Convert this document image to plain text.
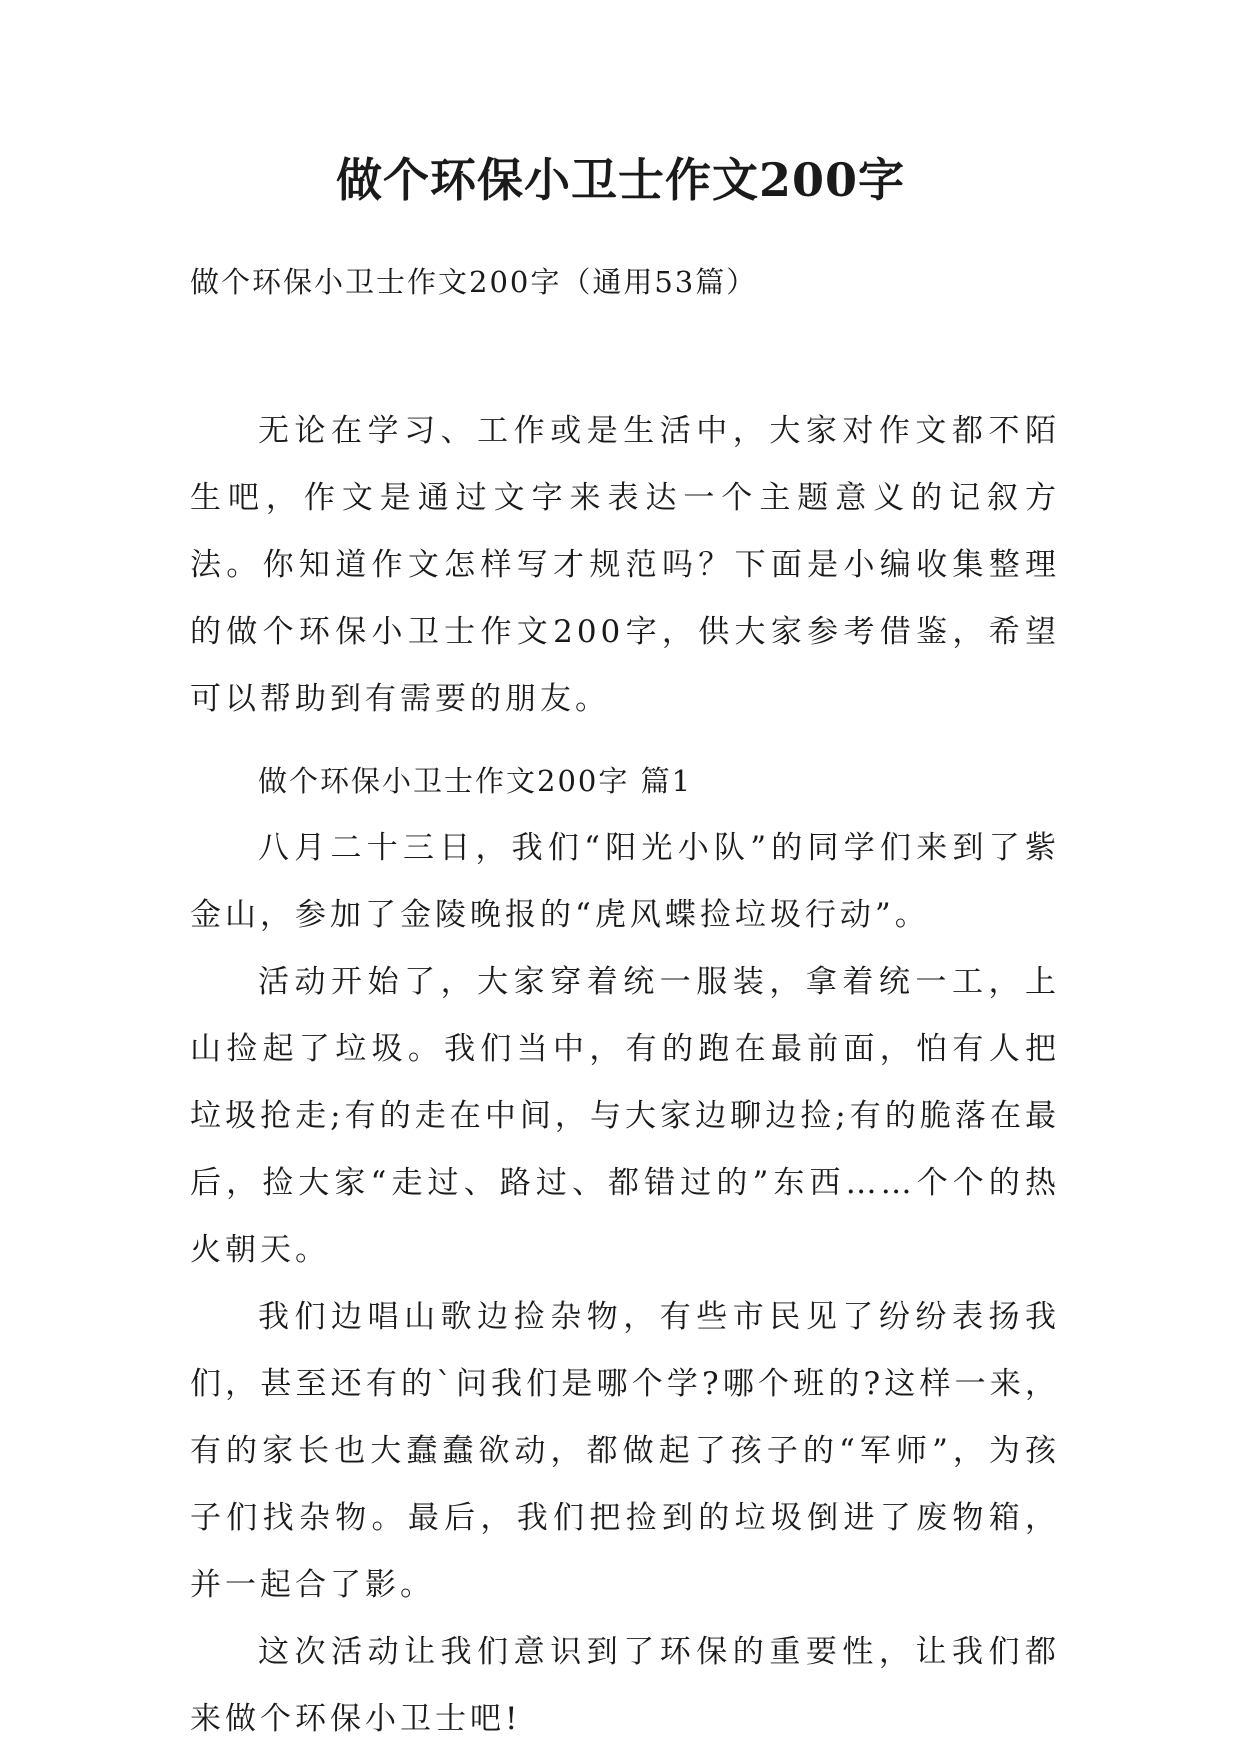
做个环保小卫士作文200字
做个环保小卫士作文200字（通用53篇）

无论在学习、工作或是生活中，大家对作文都不陌生吧，作文是通过文字来表达一个主题意义的记叙方法。你知道作文怎样写才规范吗？下面是小编收集整理的做个环保小卫士作文200字，供大家参考借鉴，希望可以帮助到有需要的朋友。

做个环保小卫士作文200字 篇1

八月二十三日，我们“阳光小队”的同学们来到了紫金山，参加了金陵晚报的“虎风蝶捡垃圾行动”。

活动开始了，大家穿着统一服装，拿着统一工，上山捡起了垃圾。我们当中，有的跑在最前面，怕有人把垃圾抢走;有的走在中间，与大家边聊边捡;有的脆落在最后，捡大家“走过、路过、都错过的”东西……个个的热火朝天。

我们边唱山歌边捡杂物，有些市民见了纷纷表扬我们，甚至还有的`问我们是哪个学?哪个班的?这样一来，有的家长也大蠢蠢欲动，都做起了孩子的“军师”，为孩子们找杂物。最后，我们把捡到的垃圾倒进了废物箱，并一起合了影。

这次活动让我们意识到了环保的重要性，让我们都来做个环保小卫士吧!
